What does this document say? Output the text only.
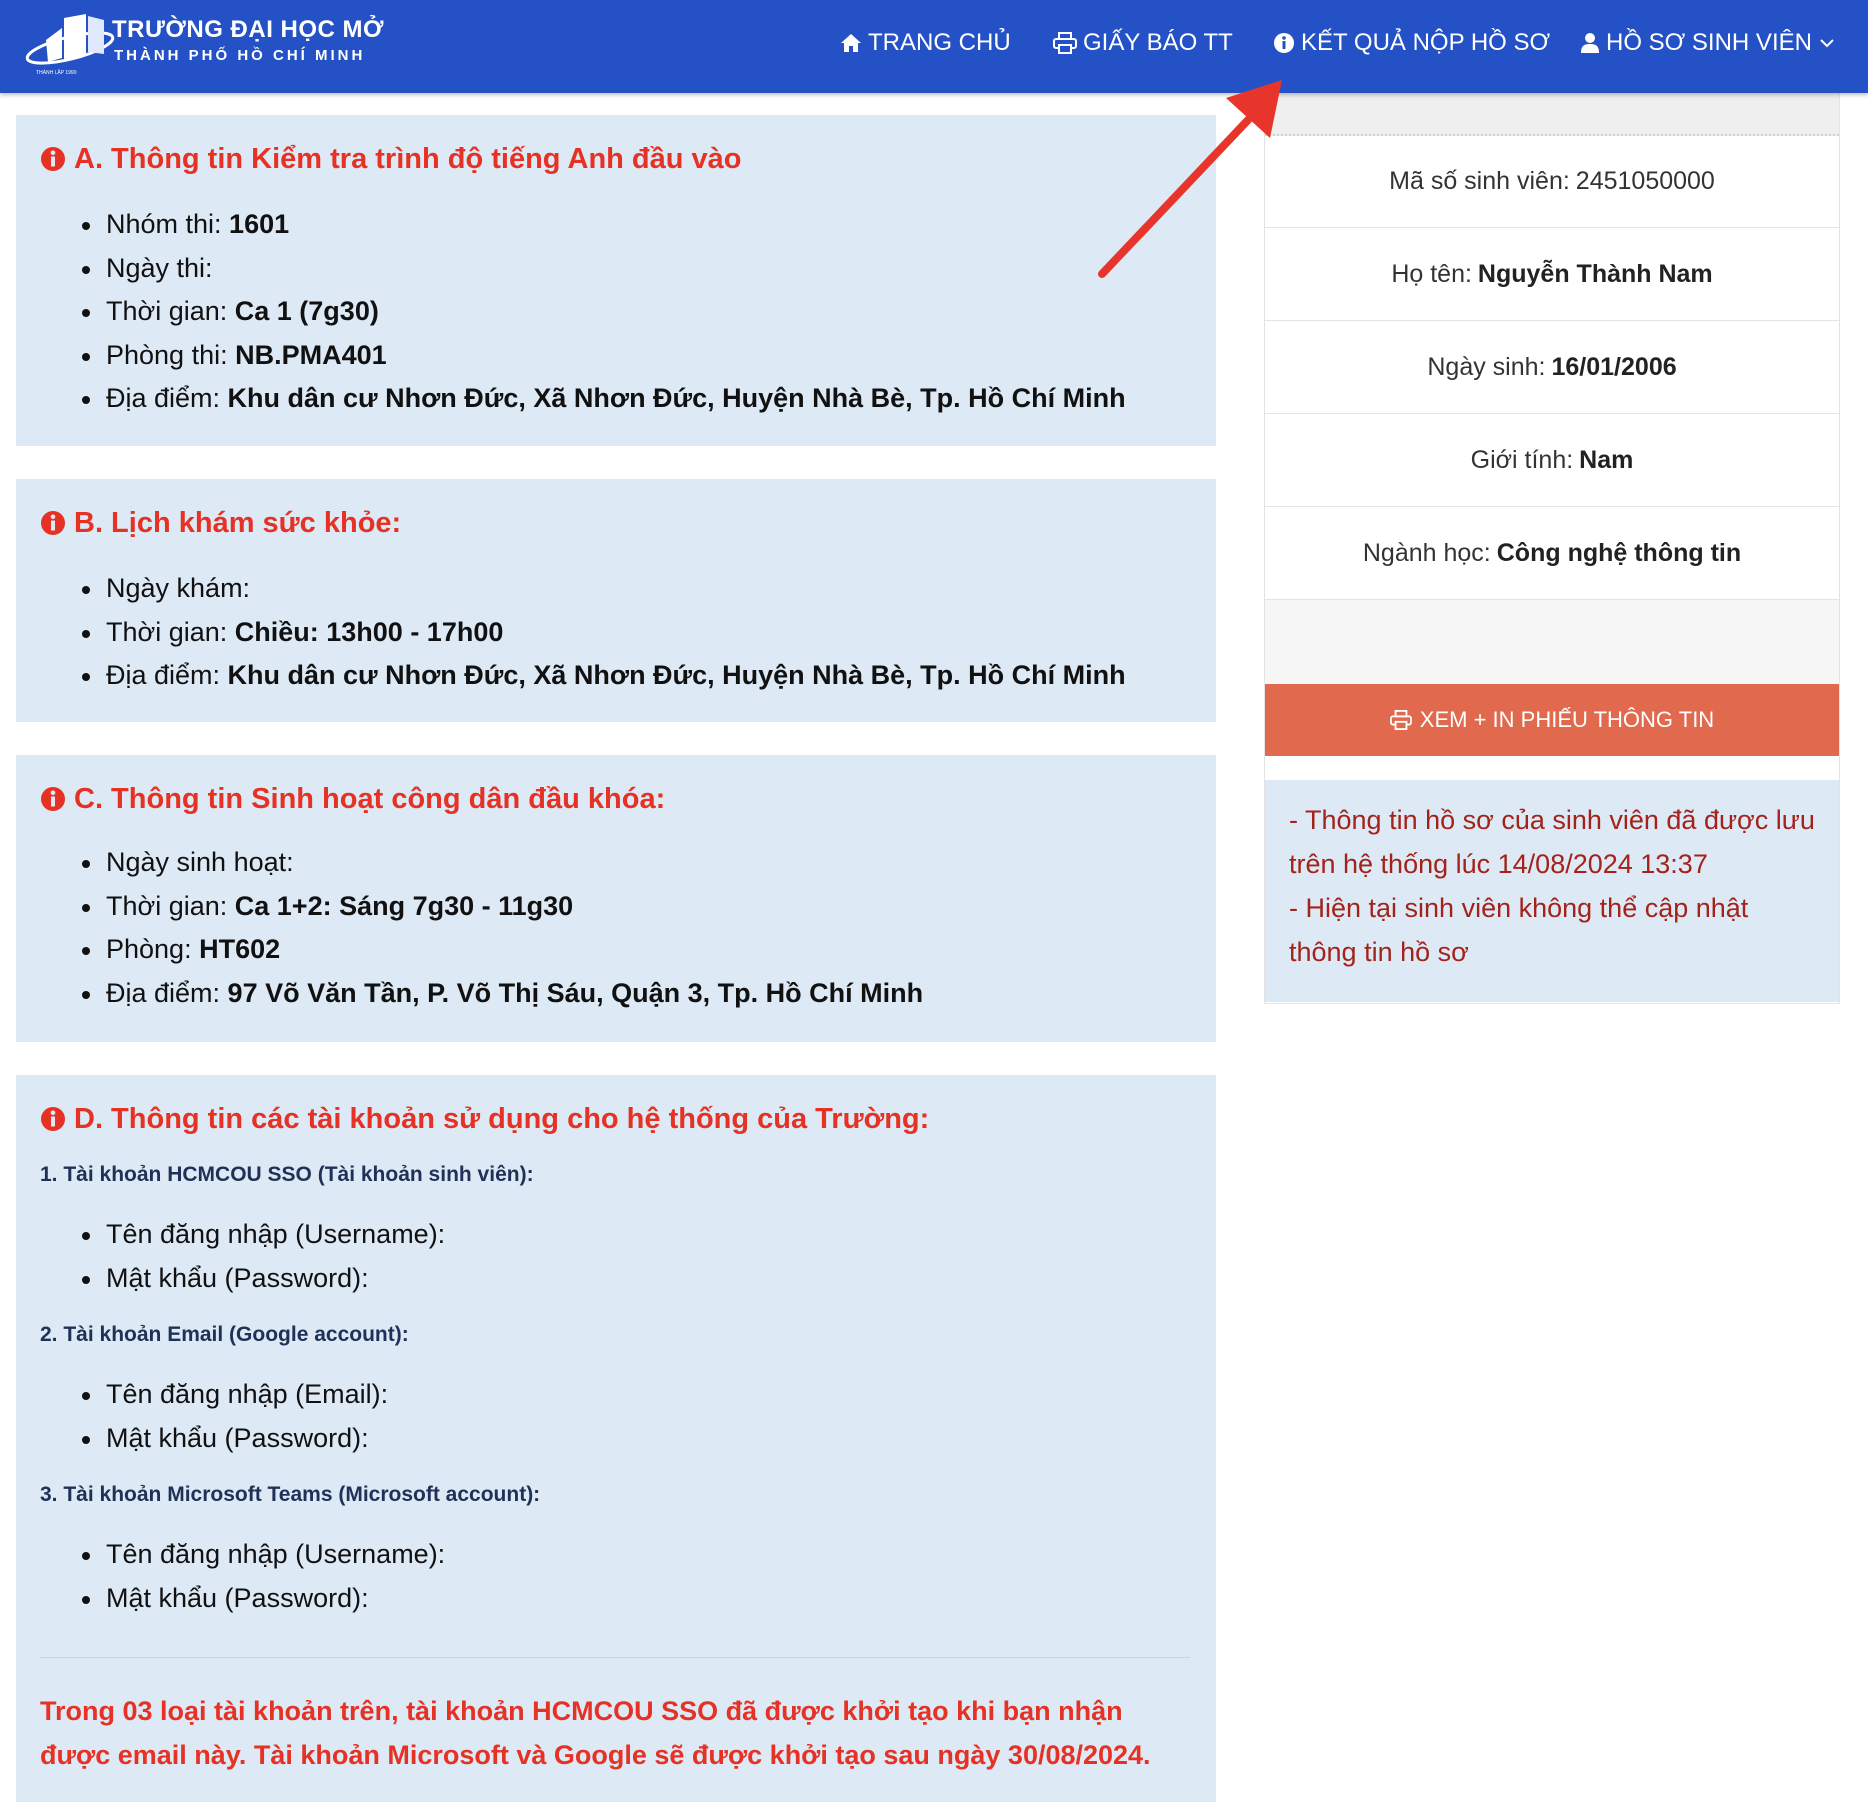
THÀNH LẬP 1990
TRƯỜNG ĐẠI HỌC MỞ
THÀNH PHỐ HỒ CHÍ MINH	TRANG CHỦ	GIẤY BÁO TT	KẾT QUẢ NỘP HỒ SƠ HỒ SƠ SINH VIÊN
A. Thông tin Kiểm tra trình độ tiếng Anh đầu vào
Nhóm thi: 1601
Ngày thi:
Thời gian: Ca 1 (7g30)
Phòng thi: NB.PMA401
Địa điểm: Khu dân cư Nhơn Đức, Xã Nhơn Đức, Huyện Nhà Bè, Tp. Hồ Chí Minh
B. Lịch khám sức khỏe:
Ngày khám:
Thời gian: Chiều: 13h00 - 17h00
Địa điểm: Khu dân cư Nhơn Đức, Xã Nhơn Đức, Huyện Nhà Bè, Tp. Hồ Chí Minh
C. Thông tin Sinh hoạt công dân đầu khóa:
Ngày sinh hoạt:
Thời gian: Ca 1+2: Sáng 7g30 - 11g30
Phòng: HT602
Địa điểm: 97 Võ Văn Tần, P. Võ Thị Sáu, Quận 3, Tp. Hồ Chí Minh
D. Thông tin các tài khoản sử dụng cho hệ thống của Trường:
1. Tài khoản HCMCOU SSO (Tài khoản sinh viên):
Tên đăng nhập (Username):
Mật khẩu (Password):
2. Tài khoản Email (Google account):
Tên đăng nhập (Email):
Mật khẩu (Password):
3. Tài khoản Microsoft Teams (Microsoft account):
Tên đăng nhập (Username):
Mật khẩu (Password):
Trong 03 loại tài khoản trên, tài khoản HCMCOU SSO đã được khởi tạo khi bạn nhận được email này. Tài khoản Microsoft và Google sẽ được khởi tạo sau ngày 30/08/2024.
Mã số sinh viên: 2451050000
Họ tên: Nguyễn Thành Nam
Ngày sinh: 16/01/2006
Giới tính: Nam
Ngành học: Công nghệ thông tin
XEM + IN PHIẾU THÔNG TIN

- Thông tin hồ sơ của sinh viên đã được lưu trên hệ thống lúc 14/08/2024 13:37

- Hiện tại sinh viên không thể cập nhật thông tin hồ sơ
